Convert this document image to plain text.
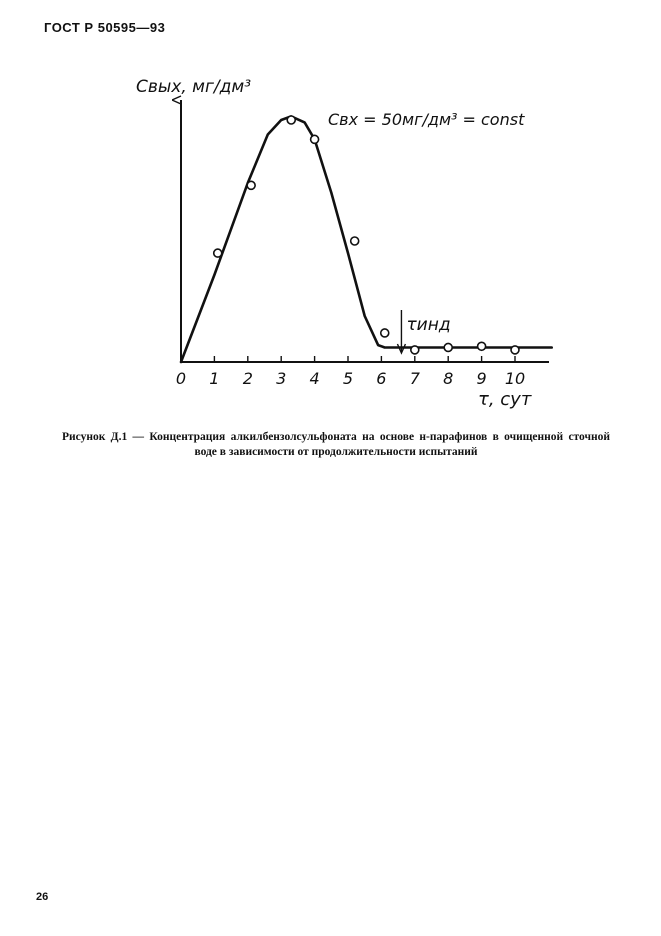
ГОСТ Р 50595—93
Cвых, мг/дм³
τ, сут
Cвх = 50мг/дм³ = const
0 1 2 3 4 5 6 7 8 9 10
τинд
Рисунок Д.1 — Концентрация алкилбензолсульфоната на основе н-парафинов в очищенной сточной воде в зависимости от продолжительности испытаний
26
